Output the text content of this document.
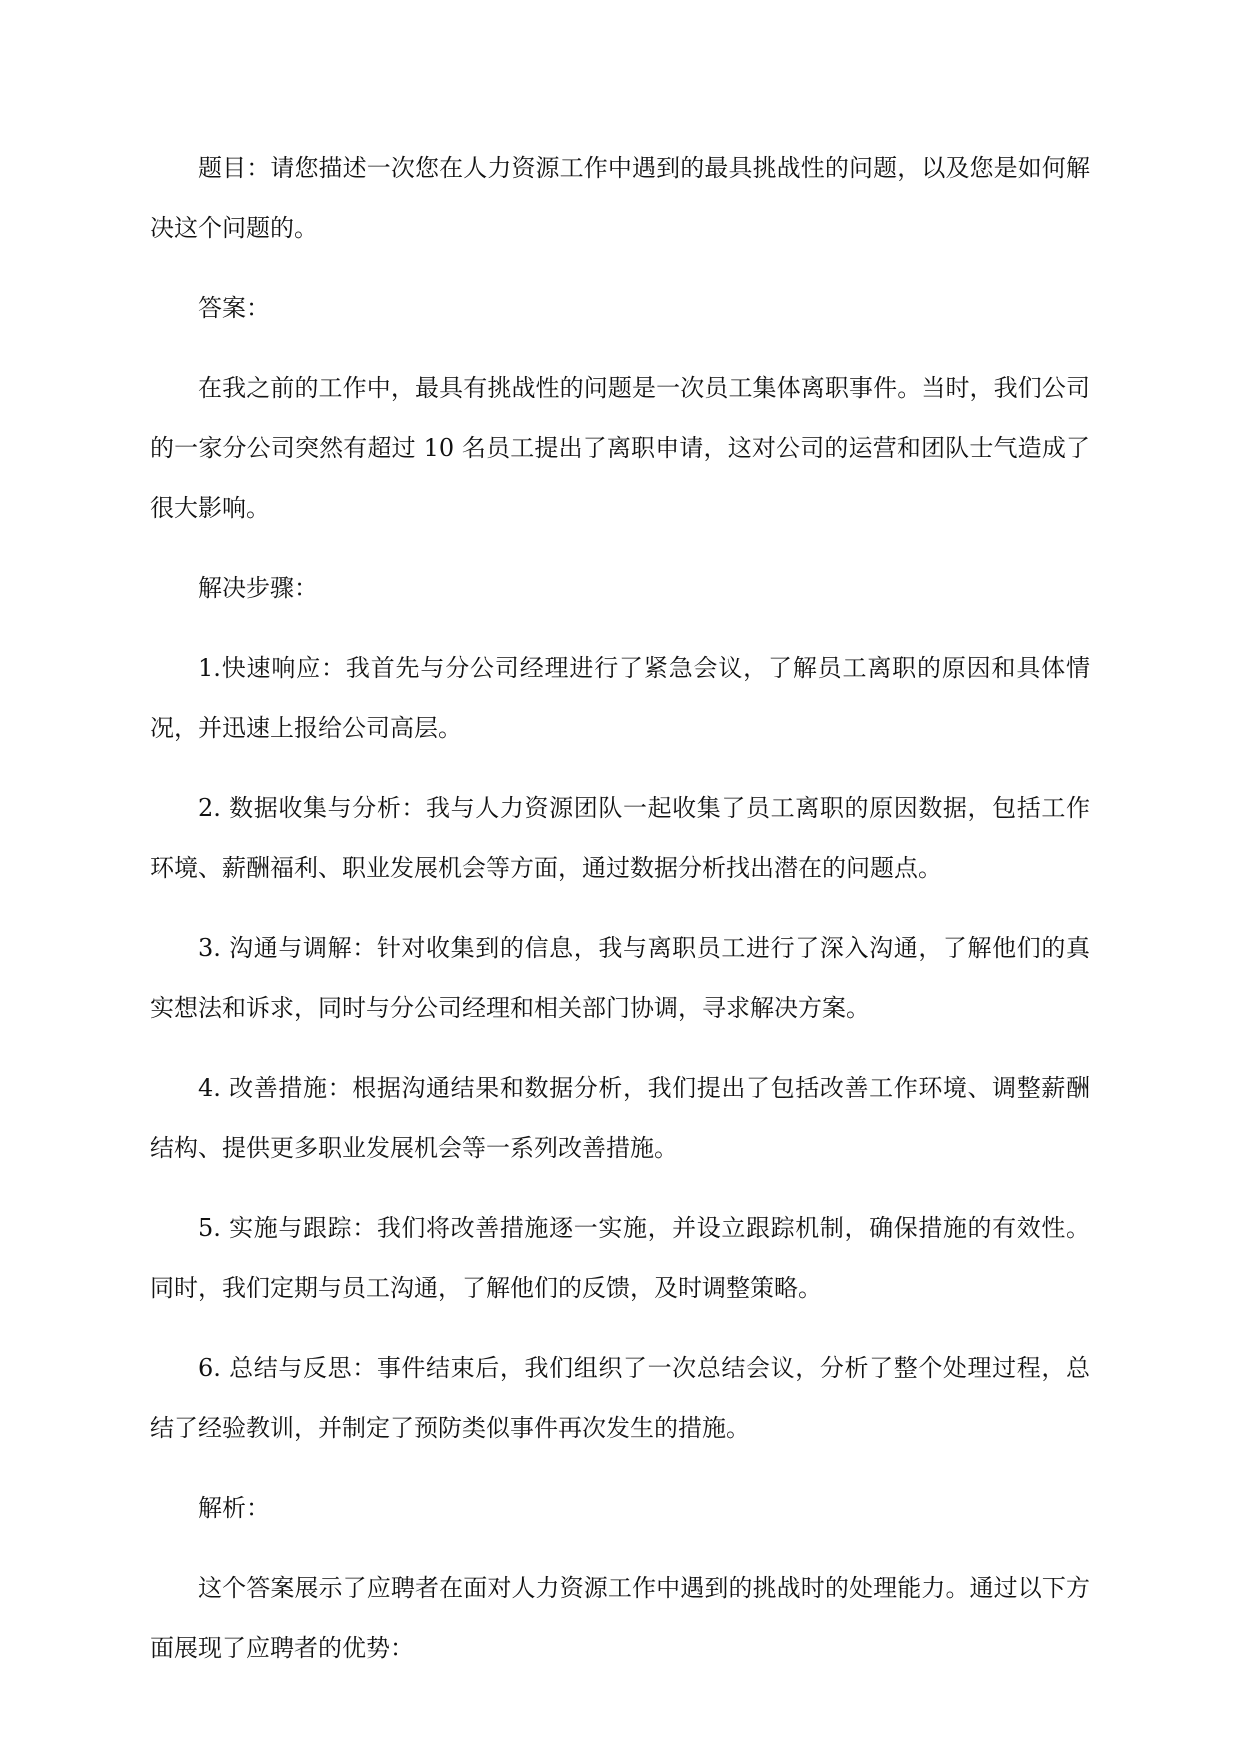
题目：请您描述一次您在人力资源工作中遇到的最具挑战性的问题，以及您是如何解决这个问题的。

答案：

在我之前的工作中，最具有挑战性的问题是一次员工集体离职事件。当时，我们公司的一家分公司突然有超过 10 名员工提出了离职申请，这对公司的运营和团队士气造成了很大影响。

解决步骤：

1.快速响应：我首先与分公司经理进行了紧急会议，了解员工离职的原因和具体情况，并迅速上报给公司高层。

2. 数据收集与分析：我与人力资源团队一起收集了员工离职的原因数据，包括工作环境、薪酬福利、职业发展机会等方面，通过数据分析找出潜在的问题点。

3. 沟通与调解：针对收集到的信息，我与离职员工进行了深入沟通，了解他们的真实想法和诉求，同时与分公司经理和相关部门协调，寻求解决方案。

4. 改善措施：根据沟通结果和数据分析，我们提出了包括改善工作环境、调整薪酬结构、提供更多职业发展机会等一系列改善措施。

5. 实施与跟踪：我们将改善措施逐一实施，并设立跟踪机制，确保措施的有效性。同时，我们定期与员工沟通，了解他们的反馈，及时调整策略。

6. 总结与反思：事件结束后，我们组织了一次总结会议，分析了整个处理过程，总结了经验教训，并制定了预防类似事件再次发生的措施。

解析：

这个答案展示了应聘者在面对人力资源工作中遇到的挑战时的处理能力。通过以下方面展现了应聘者的优势：
